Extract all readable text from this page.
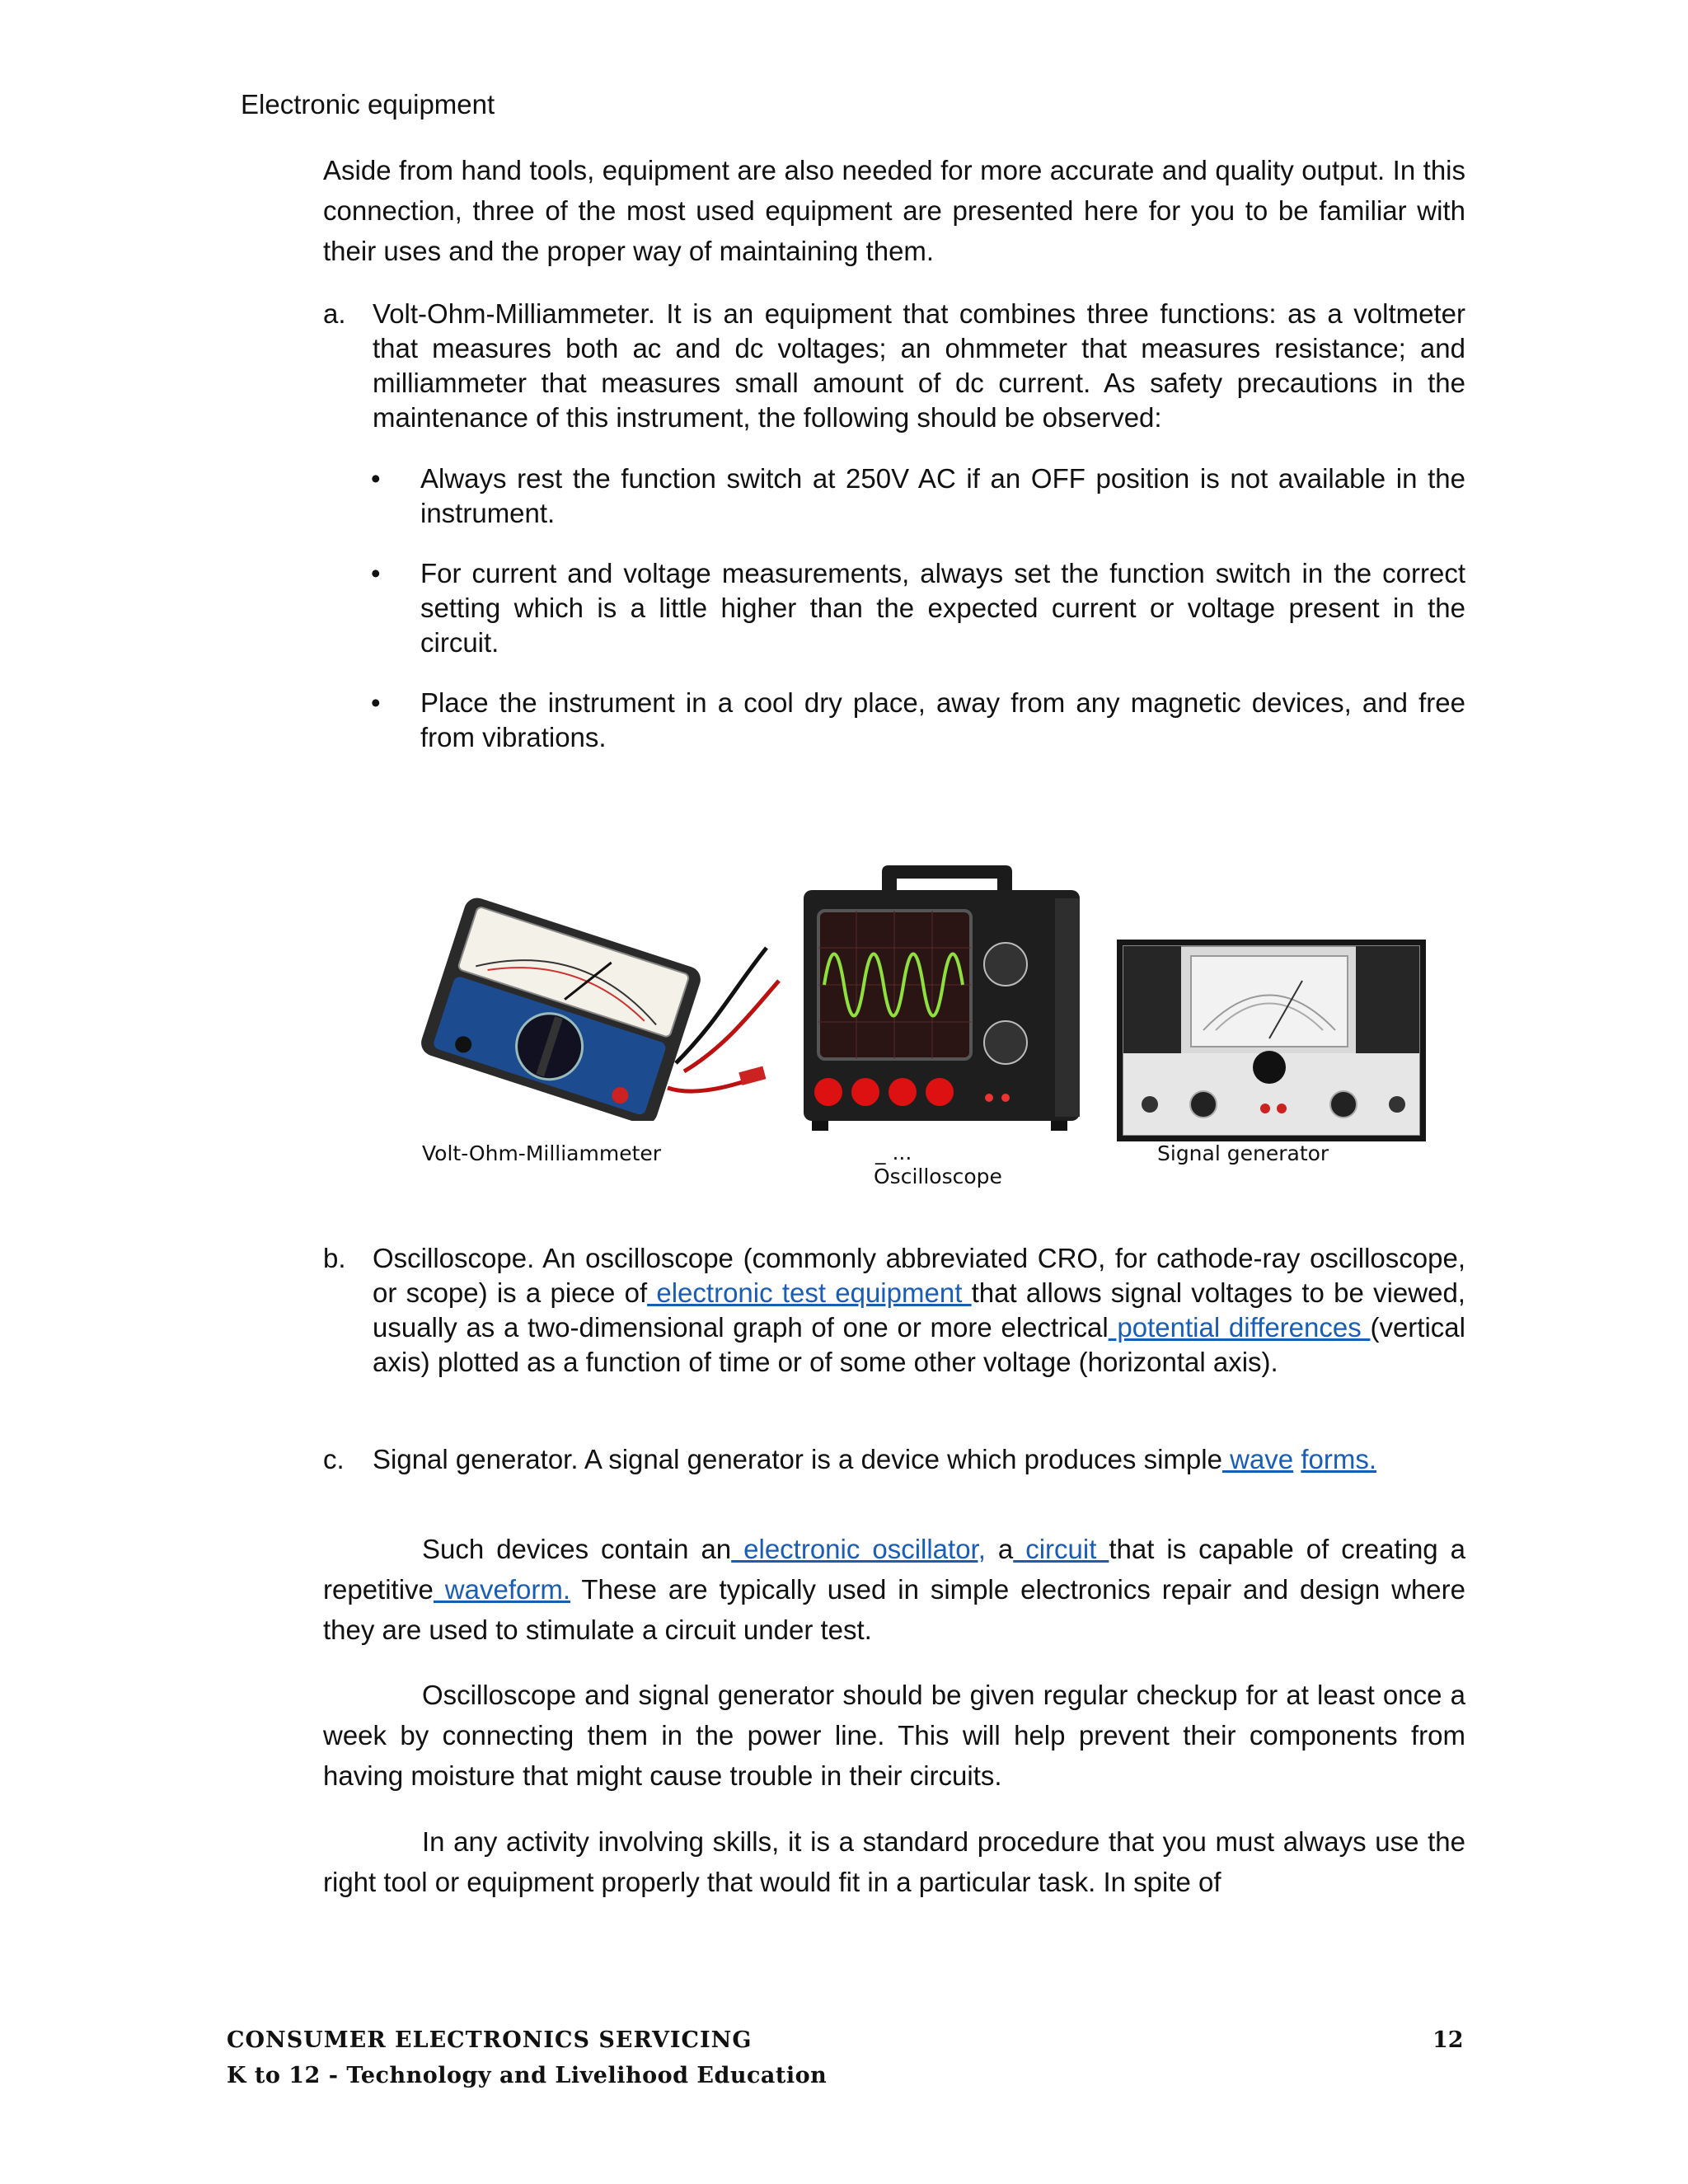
Electronic equipment

Aside from hand tools, equipment are also needed for more accurate and quality output. In this connection, three of the most used equipment are presented here for you to be familiar with their uses and the proper way of maintaining them.

a. Volt-Ohm-Milliammeter. It is an equipment that combines three functions: as a voltmeter that measures both ac and dc voltages; an ohmmeter that measures resistance; and milliammeter that measures small amount of dc current. As safety precautions in the maintenance of this instrument, the following should be observed:
• Always rest the function switch at 250V AC if an OFF position is not available in the instrument.
• For current and voltage measurements, always set the function switch in the correct setting which is a little higher than the expected current or voltage present in the circuit.
• Place the instrument in a cool dry place, away from any magnetic devices, and free from vibrations.
Volt-Ohm-Milliammeter	_ ...
Oscilloscope
Signal generator
b. Oscilloscope. An oscilloscope (commonly abbreviated CRO, for cathode-ray oscilloscope, or scope) is a piece of electronic test equipment that allows signal voltages to be viewed, usually as a two-dimensional graph of one or more electrical potential differences (vertical axis) plotted as a function of time or of some other voltage (horizontal axis).
c. Signal generator. A signal generator is a device which produces simple wave forms.

Such devices contain an electronic oscillator, a circuit that is capable of creating a repetitive waveform. These are typically used in simple electronics repair and design where they are used to stimulate a circuit under test.

Oscilloscope and signal generator should be given regular checkup for at least once a week by connecting them in the power line. This will help prevent their components from having moisture that might cause trouble in their circuits.

In any activity involving skills, it is a standard procedure that you must always use the right tool or equipment properly that would fit in a particular task. In spite of

CONSUMER ELECTRONICS SERVICING
K to 12 - Technology and Livelihood Education
12
